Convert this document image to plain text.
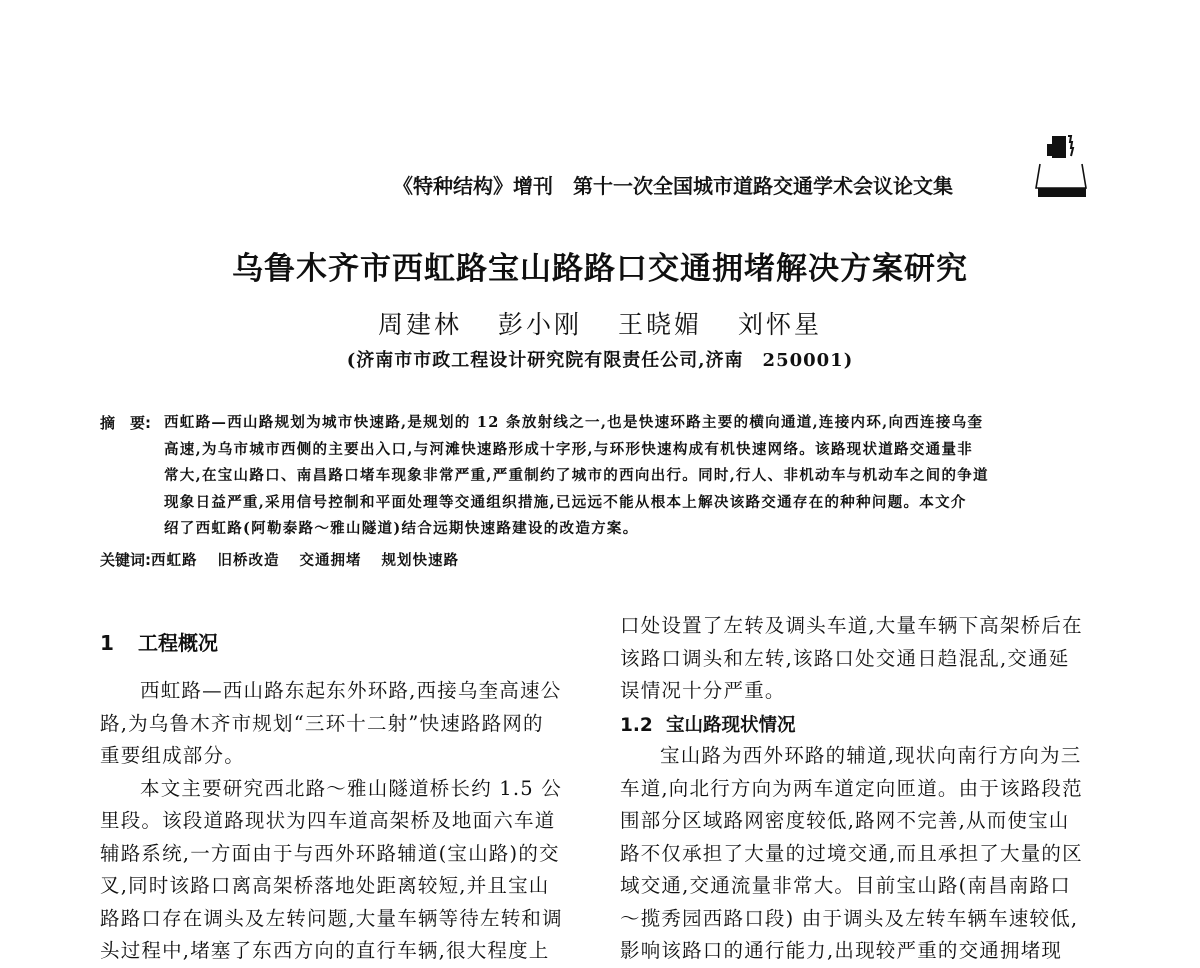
《特种结构》增刊　第十一次全国城市道路交通学术会议论文集
乌鲁木齐市西虹路宝山路路口交通拥堵解决方案研究
周建林 彭小刚 王晓媚 刘怀星
(济南市市政工程设计研究院有限责任公司,济南　250001)
摘　要: 西虹路—西山路规划为城市快速路,是规划的 12 条放射线之一,也是快速环路主要的横向通道,连接内环,向西连接乌奎
高速,为乌市城市西侧的主要出入口,与河滩快速路形成十字形,与环形快速构成有机快速网络。该路现状道路交通量非
常大,在宝山路口、南昌路口堵车现象非常严重,严重制约了城市的西向出行。同时,行人、非机动车与机动车之间的争道
现象日益严重,采用信号控制和平面处理等交通组织措施,已远远不能从根本上解决该路交通存在的种种问题。本文介
绍了西虹路(阿勒泰路～雅山隧道)结合远期快速路建设的改造方案。
关键词:西虹路 旧桥改造 交通拥堵 规划快速路
1 工程概况
西虹路—西山路东起东外环路,西接乌奎高速公
路,为乌鲁木齐市规划“三环十二射”快速路路网的
重要组成部分。
本文主要研究西北路～雅山隧道桥长约 1.5 公
里段。该段道路现状为四车道高架桥及地面六车道
辅路系统,一方面由于与西外环路辅道(宝山路)的交
叉,同时该路口离高架桥落地处距离较短,并且宝山
路路口存在调头及左转问题,大量车辆等待左转和调
头过程中,堵塞了东西方向的直行车辆,很大程度上
口处设置了左转及调头车道,大量车辆下高架桥后在
该路口调头和左转,该路口处交通日趋混乱,交通延
误情况十分严重。
1.2 宝山路现状情况
宝山路为西外环路的辅道,现状向南行方向为三
车道,向北行方向为两车道定向匝道。由于该路段范
围部分区域路网密度较低,路网不完善,从而使宝山
路不仅承担了大量的过境交通,而且承担了大量的区
域交通,交通流量非常大。目前宝山路(南昌南路口
～揽秀园西路口段) 由于调头及左转车辆车速较低,
影响该路口的通行能力,出现较严重的交通拥堵现
